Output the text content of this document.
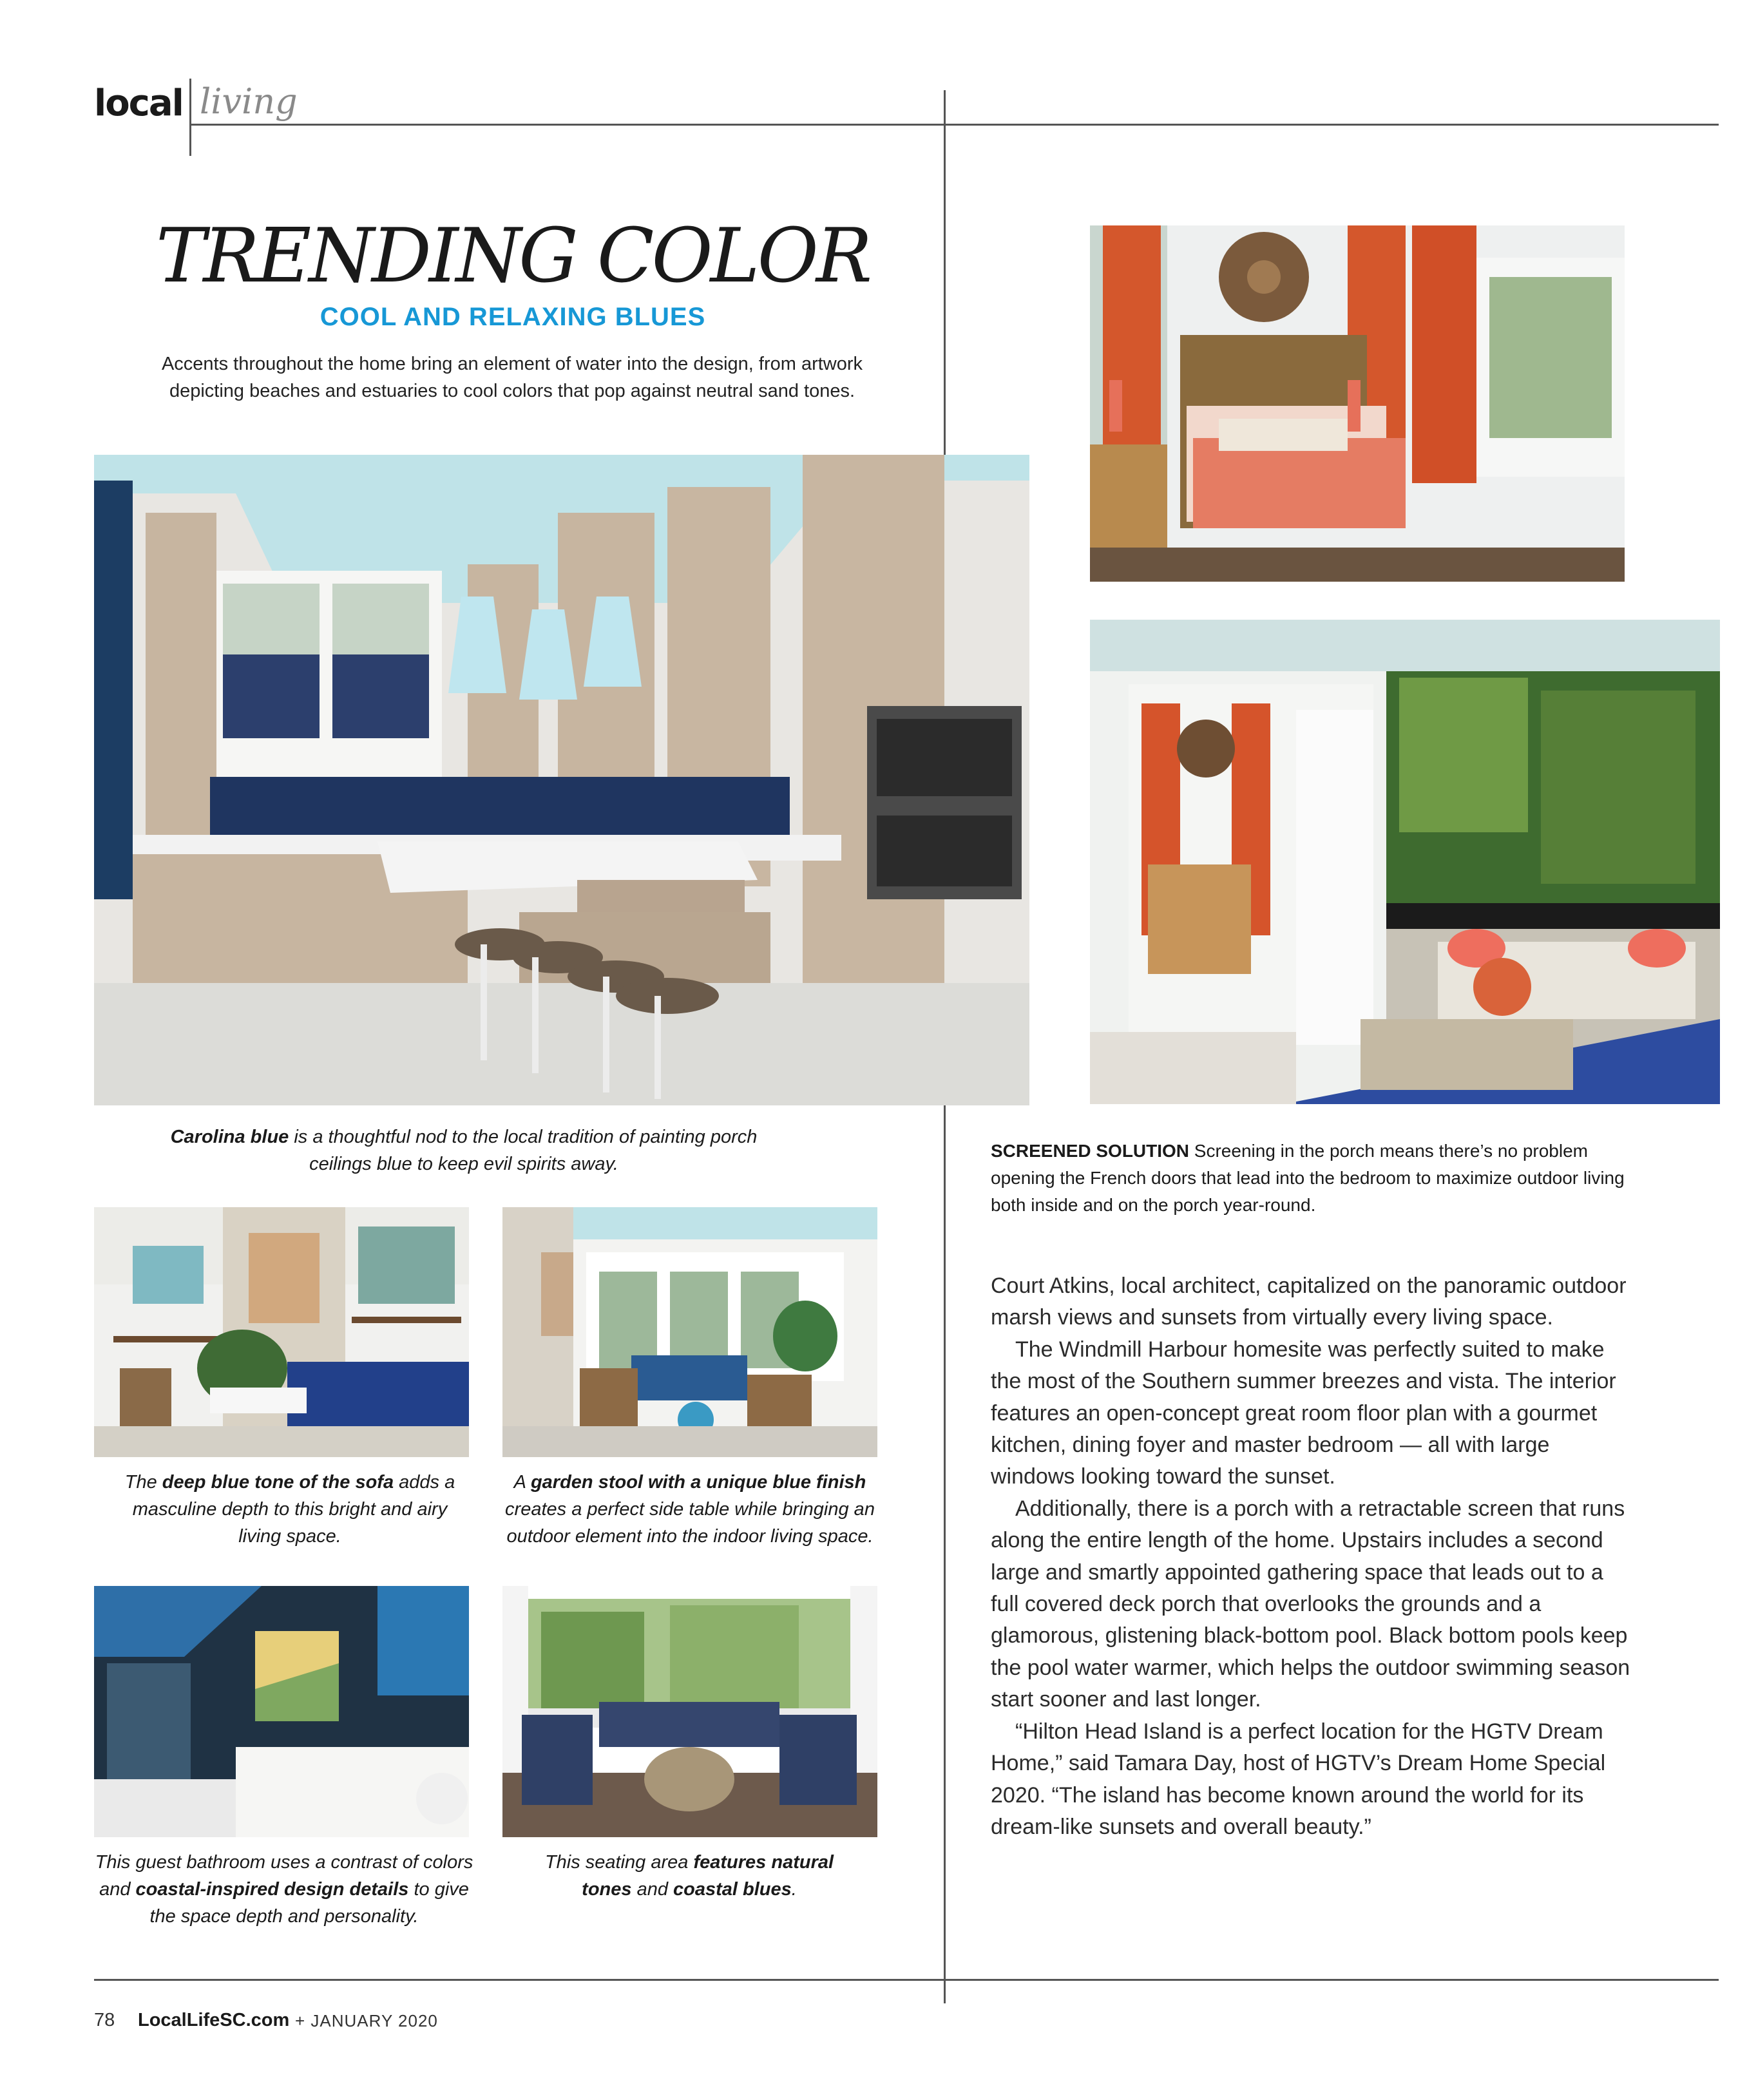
local living
TRENDING COLOR
COOL AND RELAXING BLUES
Accents throughout the home bring an element of water into the design, from artwork depicting beaches and estuaries to cool colors that pop against neutral sand tones.
Carolina blue is a thoughtful nod to the local tradition of painting porch ceilings blue to keep evil spirits away.
SCREENED SOLUTION Screening in the porch means there’s no problem opening the French doors that lead into the bedroom to maximize outdoor living both inside and on the porch year-round.
The deep blue tone of the sofa adds a masculine depth to this bright and airy living space.
A garden stool with a unique blue finish creates a perfect side table while bringing an outdoor element into the indoor living space.
This guest bathroom uses a contrast of colors and coastal-inspired design details to give the space depth and personality.
This seating area features natural tones and coastal blues.

Court Atkins, local architect, capitalized on the panoramic outdoor marsh views and sunsets from virtually every living space.

The Windmill Harbour homesite was perfectly suited to make the most of the Southern summer breezes and vista. The interior features an open-concept great room floor plan with a gourmet kitchen, dining foyer and master bedroom — all with large windows looking toward the sunset.

Additionally, there is a porch with a retractable screen that runs along the entire length of the home. Upstairs includes a second large and smartly appointed gathering space that leads out to a full covered deck porch that overlooks the grounds and a glamorous, glistening black-bottom pool. Black bottom pools keep the pool water warmer, which helps the outdoor swimming season start sooner and last longer.

“Hilton Head Island is a perfect location for the HGTV Dream Home,” said Tamara Day, host of HGTV’s Dream Home Special 2020. “The island has become known around the world for its dream-like sunsets and overall beauty.”

78 LocalLifeSC.com + JANUARY 2020
